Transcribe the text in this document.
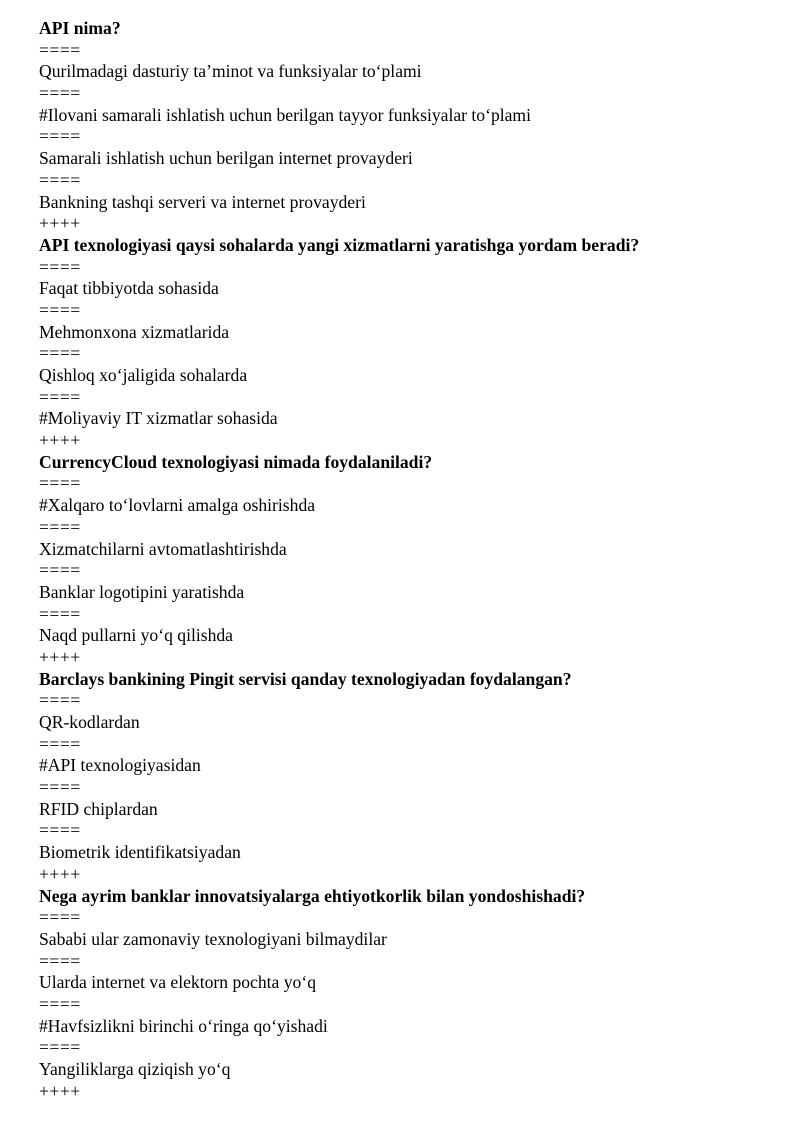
API nima?
====
Qurilmadagi dasturiy ta’minot va funksiyalar to‘plami
====
#Ilovani samarali ishlatish uchun berilgan tayyor funksiyalar to‘plami
====
Samarali ishlatish uchun berilgan internet provayderi
====
Bankning tashqi serveri va internet provayderi
++++
API texnologiyasi qaysi sohalarda yangi xizmatlarni yaratishga yordam beradi?
====
Faqat tibbiyotda sohasida
====
Mehmonxona xizmatlarida
====
Qishloq xo‘jaligida sohalarda
====
#Moliyaviy IT xizmatlar sohasida
++++
CurrencyCloud texnologiyasi nimada foydalaniladi?
====
#Xalqaro to‘lovlarni amalga oshirishda
====
Xizmatchilarni avtomatlashtirishda
====
Banklar logotipini yaratishda
====
Naqd pullarni yo‘q qilishda
++++
Barclays bankining Pingit servisi qanday texnologiyadan foydalangan?
====
QR-kodlardan
====
#API texnologiyasidan
====
RFID chiplardan
====
Biometrik identifikatsiyadan
++++
Nega ayrim banklar innovatsiyalarga ehtiyotkorlik bilan yondoshishadi?
====
Sababi ular zamonaviy texnologiyani bilmaydilar
====
Ularda internet va elektorn pochta yo‘q
====
#Havfsizlikni birinchi o‘ringa qo‘yishadi
====
Yangiliklarga qiziqish yo‘q
++++
